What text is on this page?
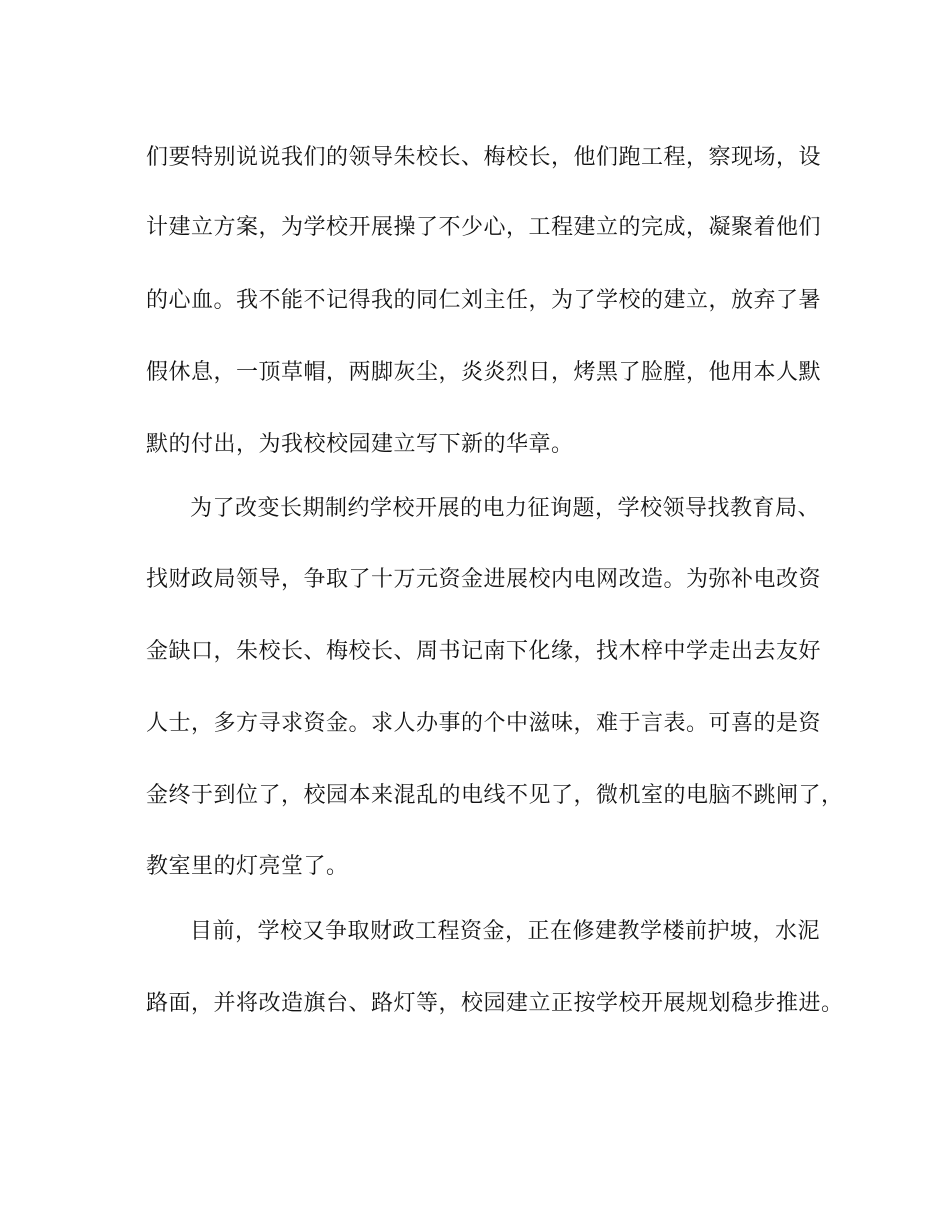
们要特别说说我们的领导朱校长、梅校长，他们跑工程，察现场，设
计建立方案，为学校开展操了不少心，工程建立的完成，凝聚着他们
的心血。我不能不记得我的同仁刘主任，为了学校的建立，放弃了暑
假休息，一顶草帽，两脚灰尘，炎炎烈日，烤黑了脸膛，他用本人默
默的付出，为我校校园建立写下新的华章。
为了改变长期制约学校开展的电力征询题，学校领导找教育局、
找财政局领导，争取了十万元资金进展校内电网改造。为弥补电改资
金缺口，朱校长、梅校长、周书记南下化缘，找木梓中学走出去友好
人士，多方寻求资金。求人办事的个中滋味，难于言表。可喜的是资
金终于到位了，校园本来混乱的电线不见了，微机室的电脑不跳闸了，
教室里的灯亮堂了。
目前，学校又争取财政工程资金，正在修建教学楼前护坡，水泥
路面，并将改造旗台、路灯等，校园建立正按学校开展规划稳步推进。
